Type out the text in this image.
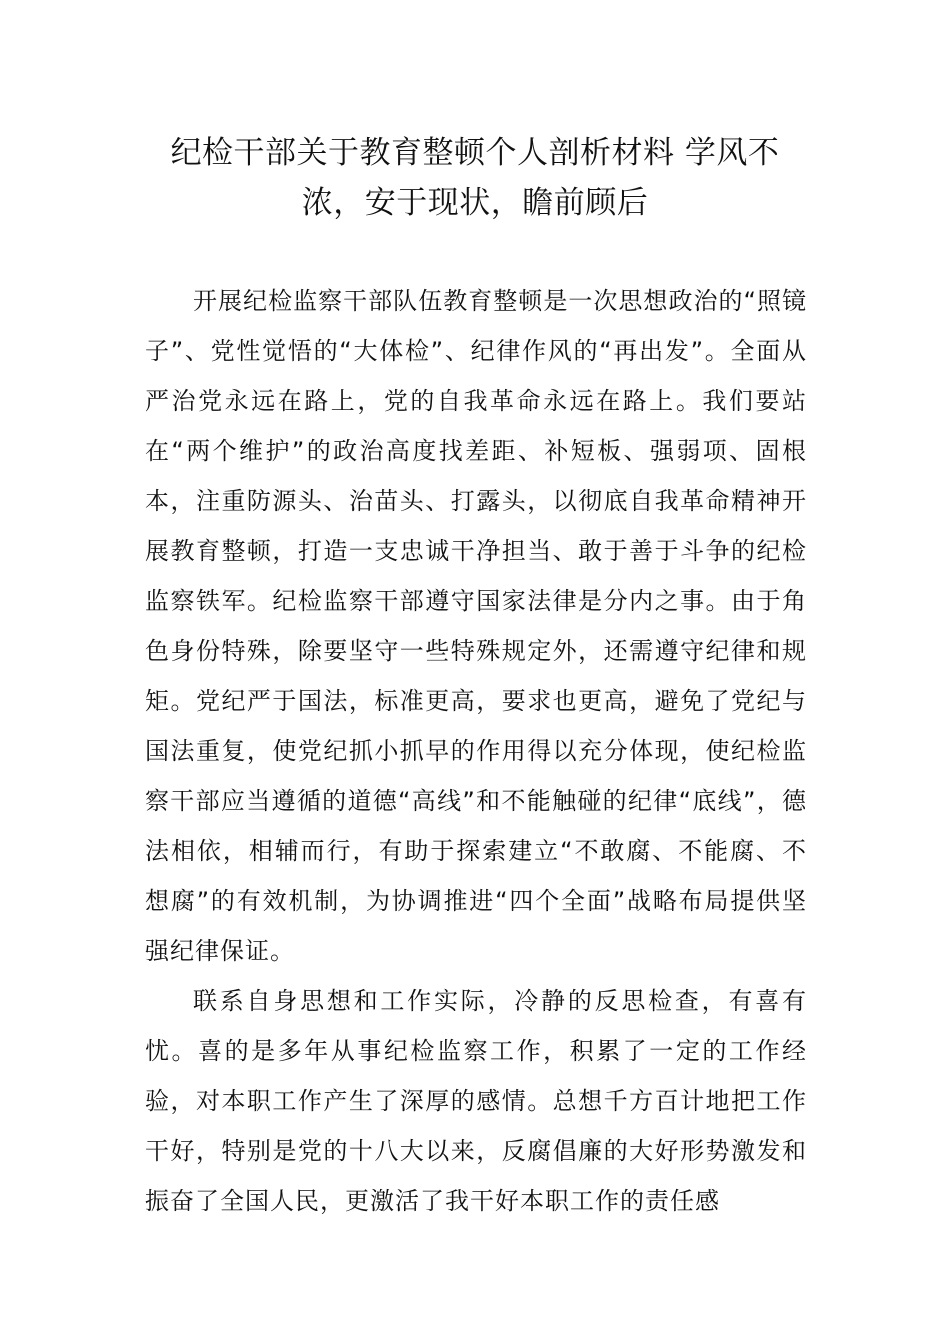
纪检干部关于教育整顿个人剖析材料 学风不浓，安于现状，瞻前顾后

开展纪检监察干部队伍教育整顿是一次思想政治的“照镜子”、党性觉悟的“大体检”、纪律作风的“再出发”。全面从严治党永远在路上，党的自我革命永远在路上。我们要站在“两个维护”的政治高度找差距、补短板、强弱项、固根本，注重防源头、治苗头、打露头，以彻底自我革命精神开展教育整顿，打造一支忠诚干净担当、敢于善于斗争的纪检监察铁军。纪检监察干部遵守国家法律是分内之事。由于角色身份特殊，除要坚守一些特殊规定外，还需遵守纪律和规矩。党纪严于国法，标准更高，要求也更高，避免了党纪与国法重复，使党纪抓小抓早的作用得以充分体现，使纪检监察干部应当遵循的道德“高线”和不能触碰的纪律“底线”，德法相依，相辅而行，有助于探索建立“不敢腐、不能腐、不想腐”的有效机制，为协调推进“四个全面”战略布局提供坚强纪律保证。

联系自身思想和工作实际，冷静的反思检查，有喜有忧。喜的是多年从事纪检监察工作，积累了一定的工作经验，对本职工作产生了深厚的感情。总想千方百计地把工作干好，特别是党的十八大以来，反腐倡廉的大好形势激发和振奋了全国人民，更激活了我干好本职工作的责任感
